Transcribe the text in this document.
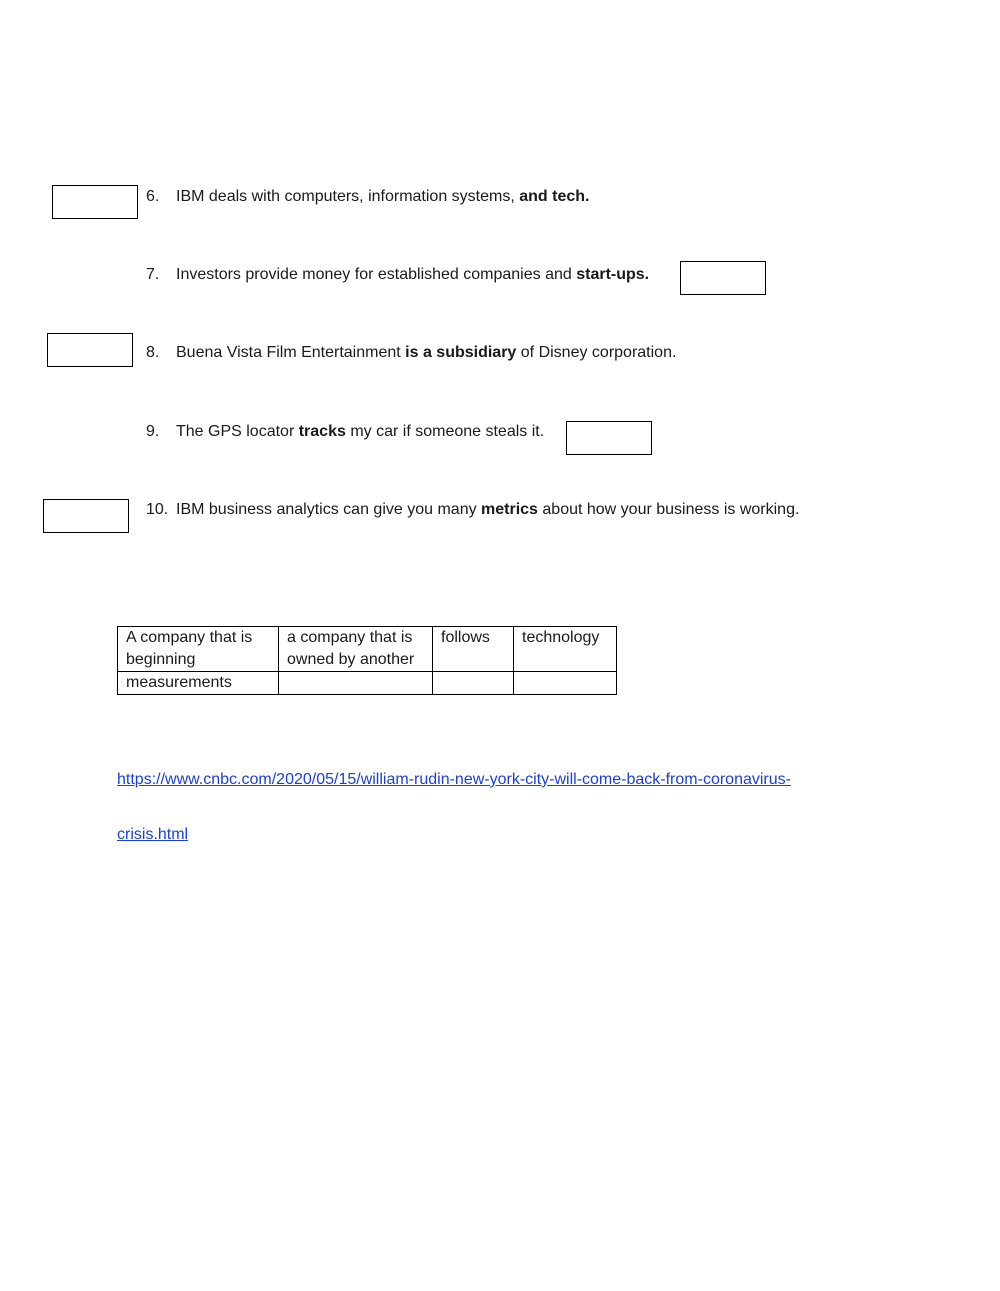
6. IBM deals with computers, information systems, and tech.
7. Investors provide money for established companies and start-ups.
8. Buena Vista Film Entertainment is a subsidiary of Disney corporation.
9. The GPS locator tracks my car if someone steals it.
10. IBM business analytics can give you many metrics about how your business is working.
A company that is beginning	a company that is owned by another	follows	technology
measurements			
https://www.cnbc.com/2020/05/15/william-rudin-new-york-city-will-come-back-from-coronavirus-
crisis.html
